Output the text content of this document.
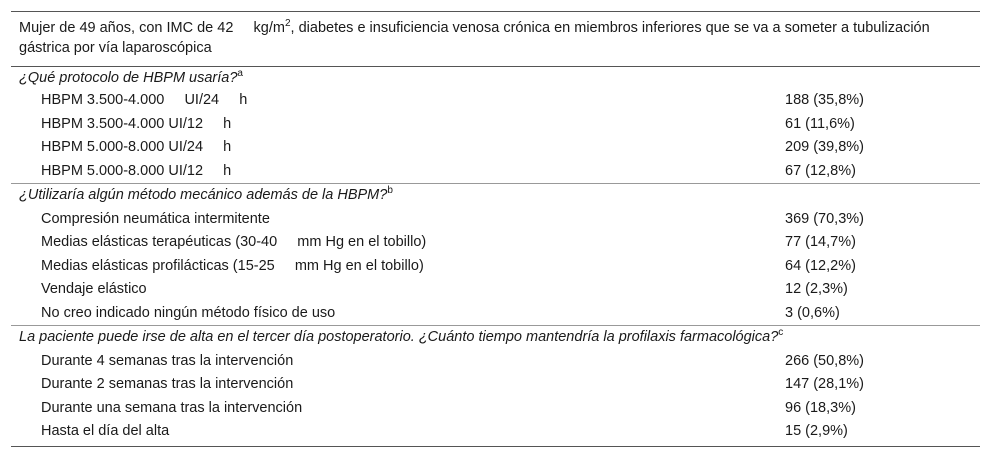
Mujer de 49 años, con IMC de 42     $kg/m^2$, diabetes e insuficiencia venosa crónica en miembros inferiores que se va a someter a tubulización gástrica por vía laparoscópica
¿Qué protocolo de HBPM usaría?$^a$
HBPM 3.500-4.000     UI/24     h	188 (35,8%)
HBPM 3.500-4.000 UI/12     h	61 (11,6%)
HBPM 5.000-8.000 UI/24     h	209 (39,8%)
HBPM 5.000-8.000 UI/12     h	67 (12,8%)
¿Utilizaría algún método mecánico además de la HBPM?$^b$
Compresión neumática intermitente	369 (70,3%)
Medias elásticas terapéuticas (30-40     mm Hg en el tobillo)	77 (14,7%)
Medias elásticas profilácticas (15-25     mm Hg en el tobillo)	64 (12,2%)
Vendaje elástico	12 (2,3%)
No creo indicado ningún método físico de uso	3 (0,6%)
La paciente puede irse de alta en el tercer día postoperatorio. ¿Cuánto tiempo mantendría la profilaxis farmacológica?$^c$
Durante 4 semanas tras la intervención	266 (50,8%)
Durante 2 semanas tras la intervención	147 (28,1%)
Durante una semana tras la intervención	96 (18,3%)
Hasta el día del alta	15 (2,9%)
